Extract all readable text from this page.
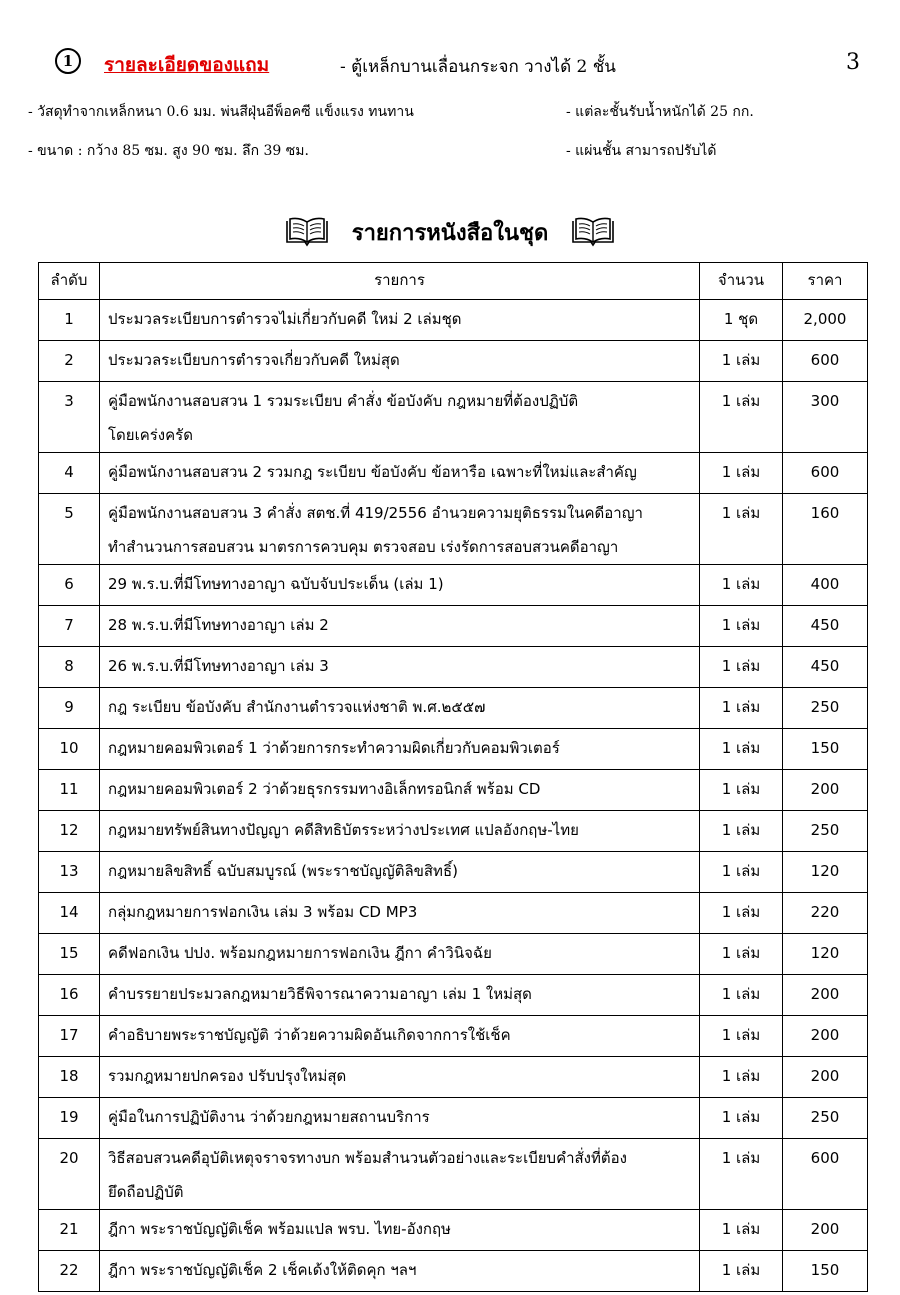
1	รายละเอียดของแถม	- ตู้เหล็กบานเลื่อนกระจก วางได้ 2 ชั้น	3
- วัสดุทำจากเหล็กหนา 0.6 มม. พ่นสีฝุ่นอีพ็อคซี แข็งแรง ทนทาน	- แต่ละชั้นรับน้ำหนักได้ 25 กก.
- ขนาด : กว้าง 85 ซม. สูง 90 ซม. ลึก 39 ซม.	- แผ่นชั้น สามารถปรับได้
รายการหนังสือในชุด
ลำดับ	รายการ	จำนวน	ราคา
1	ประมวลระเบียบการตำรวจไม่เกี่ยวกับคดี ใหม่ 2 เล่มชุด	1 ชุด	2,000
2	ประมวลระเบียบการตำรวจเกี่ยวกับคดี ใหม่สุด	1 เล่ม	600
3	คู่มือพนักงานสอบสวน 1 รวมระเบียบ คำสั่ง ข้อบังคับ กฎหมายที่ต้องปฏิบัติ
โดยเคร่งครัด	1 เล่ม	300
4	คู่มือพนักงานสอบสวน 2 รวมกฎ ระเบียบ ข้อบังคับ ข้อหารือ เฉพาะที่ใหม่และสำคัญ	1 เล่ม	600
5	คู่มือพนักงานสอบสวน 3 คำสั่ง สตช.ที่ 419/2556 อำนวยความยุติธรรมในคดีอาญา
ทำสำนวนการสอบสวน มาตรการควบคุม ตรวจสอบ เร่งรัดการสอบสวนคดีอาญา	1 เล่ม	160
6	29 พ.ร.บ.ที่มีโทษทางอาญา ฉบับจับประเด็น (เล่ม 1)	1 เล่ม	400
7	28 พ.ร.บ.ที่มีโทษทางอาญา เล่ม 2	1 เล่ม	450
8	26 พ.ร.บ.ที่มีโทษทางอาญา เล่ม 3	1 เล่ม	450
9	กฎ ระเบียบ ข้อบังคับ สำนักงานตำรวจแห่งชาติ พ.ศ.๒๕๕๗	1 เล่ม	250
10	กฎหมายคอมพิวเตอร์ 1 ว่าด้วยการกระทำความผิดเกี่ยวกับคอมพิวเตอร์	1 เล่ม	150
11	กฎหมายคอมพิวเตอร์ 2 ว่าด้วยธุรกรรมทางอิเล็กทรอนิกส์ พร้อม CD	1 เล่ม	200
12	กฎหมายทรัพย์สินทางปัญญา คดีสิทธิบัตรระหว่างประเทศ แปลอังกฤษ-ไทย	1 เล่ม	250
13	กฎหมายลิขสิทธิ์ ฉบับสมบูรณ์ (พระราชบัญญัติลิขสิทธิ์)	1 เล่ม	120
14	กลุ่มกฎหมายการฟอกเงิน เล่ม 3 พร้อม CD MP3	1 เล่ม	220
15	คดีฟอกเงิน ปปง. พร้อมกฎหมายการฟอกเงิน ฎีกา คำวินิจฉัย	1 เล่ม	120
16	คำบรรยายประมวลกฎหมายวิธีพิจารณาความอาญา เล่ม 1 ใหม่สุด	1 เล่ม	200
17	คำอธิบายพระราชบัญญัติ ว่าด้วยความผิดอันเกิดจากการใช้เช็ค	1 เล่ม	200
18	รวมกฎหมายปกครอง ปรับปรุงใหม่สุด	1 เล่ม	200
19	คู่มือในการปฏิบัติงาน ว่าด้วยกฎหมายสถานบริการ	1 เล่ม	250
20	วิธีสอบสวนคดีอุบัติเหตุจราจรทางบก พร้อมสำนวนตัวอย่างและระเบียบคำสั่งที่ต้อง
ยึดถือปฏิบัติ	1 เล่ม	600
21	ฎีกา พระราชบัญญัติเช็ค พร้อมแปล พรบ. ไทย-อังกฤษ	1 เล่ม	200
22	ฎีกา พระราชบัญญัติเช็ค 2 เช็คเด้งให้ติดคุก ฯลฯ	1 เล่ม	150
